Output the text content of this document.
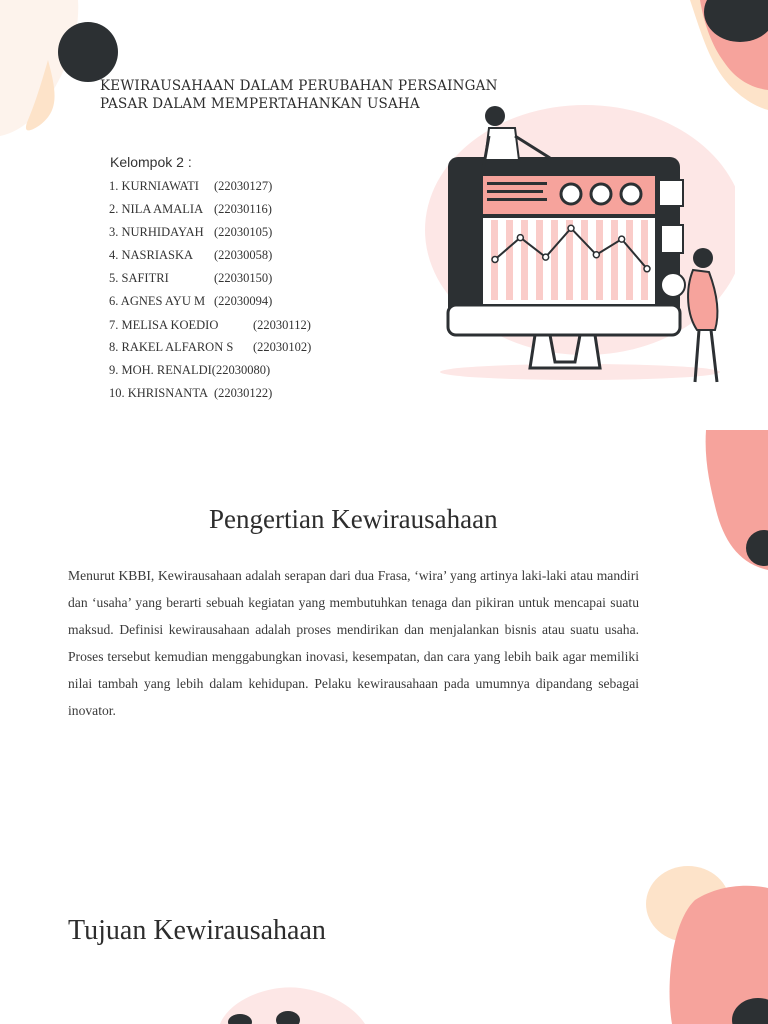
KEWIRAUSAHAAN DALAM PERUBAHAN PERSAINGAN
PASAR DALAM MEMPERTAHANKAN USAHA
Kelompok 2 :
1. KURNIAWATI (22030127)
2. NILA AMALIA (22030116)
3. NURHIDAYAH (22030105)
4. NASRIASKA (22030058)
5. SAFITRI	(22030150)
6. AGNES AYU M (22030094)
7. MELISA KOEDIO	(22030112)
8. RAKEL ALFARON S (22030102)
9. MOH. RENALDI(22030080)
10. KHRISNANTA (22030122)
Pengertian Kewirausahaan
Menurut KBBI, Kewirausahaan adalah serapan dari dua Frasa, ‘wira’ yang artinya laki-laki atau mandiri dan ‘usaha’ yang berarti sebuah kegiatan yang membutuhkan tenaga dan pikiran untuk mencapai suatu maksud. Definisi kewirausahaan adalah proses mendirikan dan menjalankan bisnis atau suatu usaha. Proses tersebut kemudian menggabungkan inovasi, kesempatan, dan cara yang lebih baik agar memiliki nilai tambah yang lebih dalam kehidupan. Pelaku kewirausahaan pada umumnya dipandang sebagai inovator.
Tujuan Kewirausahaan
